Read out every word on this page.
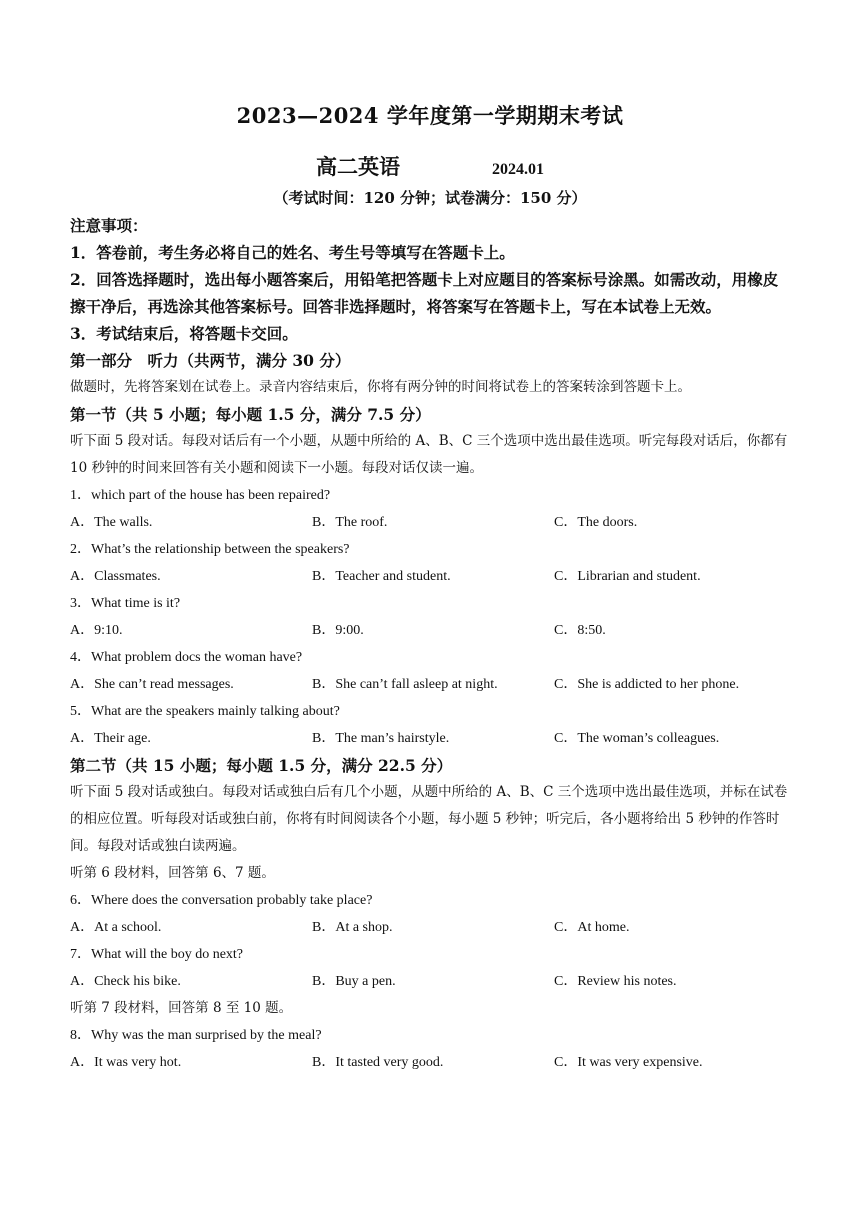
2023—2024 学年度第一学期期末考试
高二英语	2024.01
（考试时间：120 分钟；试卷满分：150 分）
注意事项：
1．答卷前，考生务必将自己的姓名、考生号等填写在答题卡上。
2．回答选择题时，选出每小题答案后，用铅笔把答题卡上对应题目的答案标号涂黑。如需改动，用橡皮擦干净后，再选涂其他答案标号。回答非选择题时，将答案写在答题卡上，写在本试卷上无效。
3．考试结束后，将答题卡交回。
第一部分　听力（共两节，满分 30 分）
做题时，先将答案划在试卷上。录音内容结束后，你将有两分钟的时间将试卷上的答案转涂到答题卡上。
第一节（共 5 小题；每小题 1.5 分，满分 7.5 分）
听下面 5 段对话。每段对话后有一个小题，从题中所给的 A、B、C 三个选项中选出最佳选项。听完每段对话后，你都有 10 秒钟的时间来回答有关小题和阅读下一小题。每段对话仅读一遍。
1．which part of the house has been repaired?
A．The walls.	B．The roof.	C．The doors.
2．What’s the relationship between the speakers?
A．Classmates.	B．Teacher and student.	C．Librarian and student.
3．What time is it?
A．9:10.	B．9:00.	C．8:50.
4．What problem docs the woman have?
A．She can’t read messages.	B．She can’t fall asleep at night.	C．She is addicted to her phone.
5．What are the speakers mainly talking about?
A．Their age.	B．The man’s hairstyle.	C．The woman’s colleagues.
第二节（共 15 小题；每小题 1.5 分，满分 22.5 分）
听下面 5 段对话或独白。每段对话或独白后有几个小题，从题中所给的 A、B、C 三个选项中选出最佳选项，并标在试卷的相应位置。听每段对话或独白前，你将有时间阅读各个小题，每小题 5 秒钟；听完后，各小题将给出 5 秒钟的作答时间。每段对话或独白读两遍。
听第 6 段材料，回答第 6、7 题。
6．Where does the conversation probably take place?
A．At a school.	B．At a shop.	C．At home.
7．What will the boy do next?
A．Check his bike.	B．Buy a pen.	C．Review his notes.
听第 7 段材料，回答第 8 至 10 题。
8．Why was the man surprised by the meal?
A．It was very hot.	B．It tasted very good.	C．It was very expensive.
